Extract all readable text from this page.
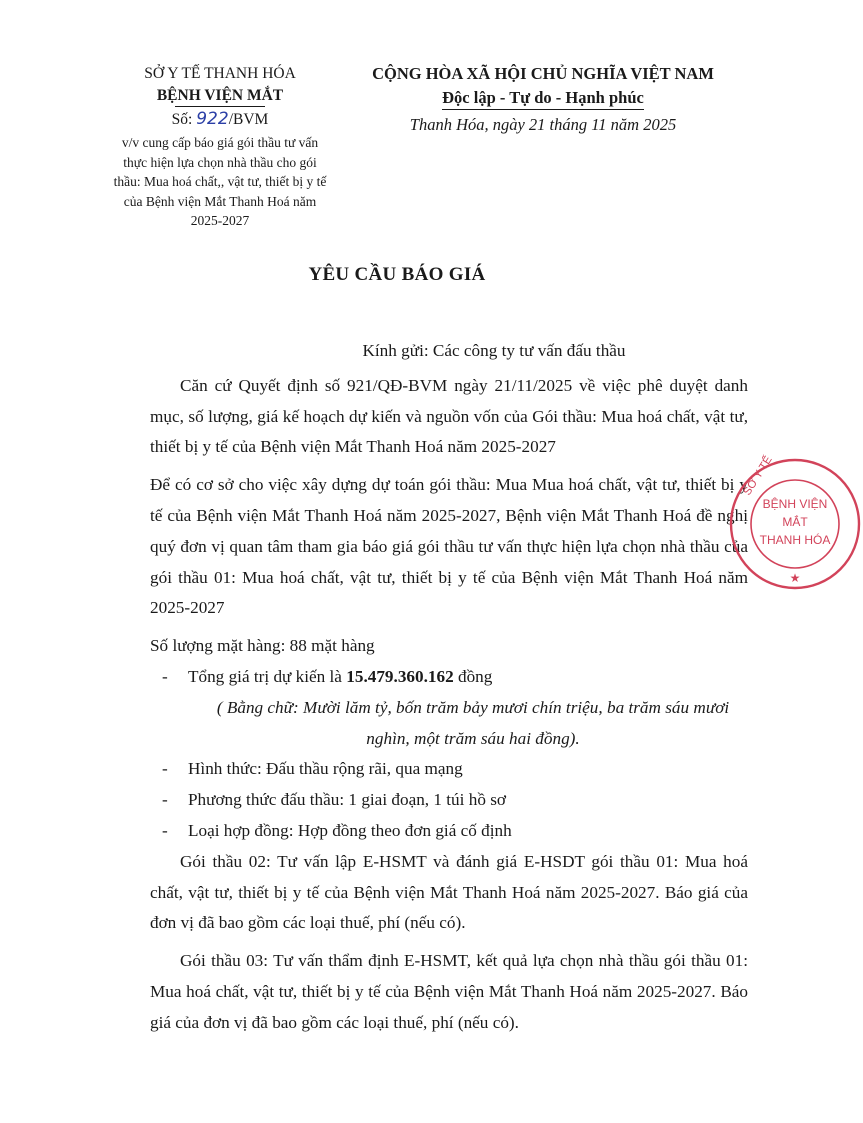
SỞ Y TẾ THANH HÓA
BỆNH VIỆN MẮT
Số: 922/BVM
v/v cung cấp báo giá gói thầu tư vấn
thực hiện lựa chọn nhà thầu cho gói
thầu: Mua hoá chất,, vật tư, thiết bị y tế
của Bệnh viện Mắt Thanh Hoá năm
2025-2027
CỘNG HÒA XÃ HỘI CHỦ NGHĨA VIỆT NAM
Độc lập - Tự do - Hạnh phúc
Thanh Hóa, ngày 21 tháng 11 năm 2025
YÊU CẦU BÁO GIÁ

Kính gửi: Các công ty tư vấn đấu thầu

Căn cứ Quyết định số 921/QĐ-BVM ngày 21/11/2025 về việc phê duyệt danh mục, số lượng, giá kế hoạch dự kiến và nguồn vốn của Gói thầu: Mua hoá chất, vật tư, thiết bị y tế của Bệnh viện Mắt Thanh Hoá năm 2025-2027

Để có cơ sở cho việc xây dựng dự toán gói thầu: Mua Mua hoá chất, vật tư, thiết bị y tế của Bệnh viện Mắt Thanh Hoá năm 2025-2027, Bệnh viện Mắt Thanh Hoá đề nghị quý đơn vị quan tâm tham gia báo giá gói thầu tư vấn thực hiện lựa chọn nhà thầu của gói thầu 01: Mua hoá chất, vật tư, thiết bị y tế của Bệnh viện Mắt Thanh Hoá năm 2025-2027

Số lượng mặt hàng: 88 mặt hàng

- Tổng giá trị dự kiến là 15.479.360.162 đồng

( Bằng chữ: Mười lăm tỷ, bốn trăm bảy mươi chín triệu, ba trăm sáu mươi nghìn, một trăm sáu hai đồng).

- Hình thức: Đấu thầu rộng rãi, qua mạng

- Phương thức đấu thầu: 1 giai đoạn, 1 túi hồ sơ

- Loại hợp đồng: Hợp đồng theo đơn giá cố định

Gói thầu 02: Tư vấn lập E-HSMT và đánh giá E-HSDT gói thầu 01: Mua hoá chất, vật tư, thiết bị y tế của Bệnh viện Mắt Thanh Hoá năm 2025-2027. Báo giá của đơn vị đã bao gồm các loại thuế, phí (nếu có).

Gói thầu 03: Tư vấn thẩm định E-HSMT, kết quả lựa chọn nhà thầu gói thầu 01: Mua hoá chất, vật tư, thiết bị y tế của Bệnh viện Mắt Thanh Hoá năm 2025-2027. Báo giá của đơn vị đã bao gồm các loại thuế, phí (nếu có).

BỆNH VIỆN
MẮT
THANH HÓA
SỞ Y TẾ
★
